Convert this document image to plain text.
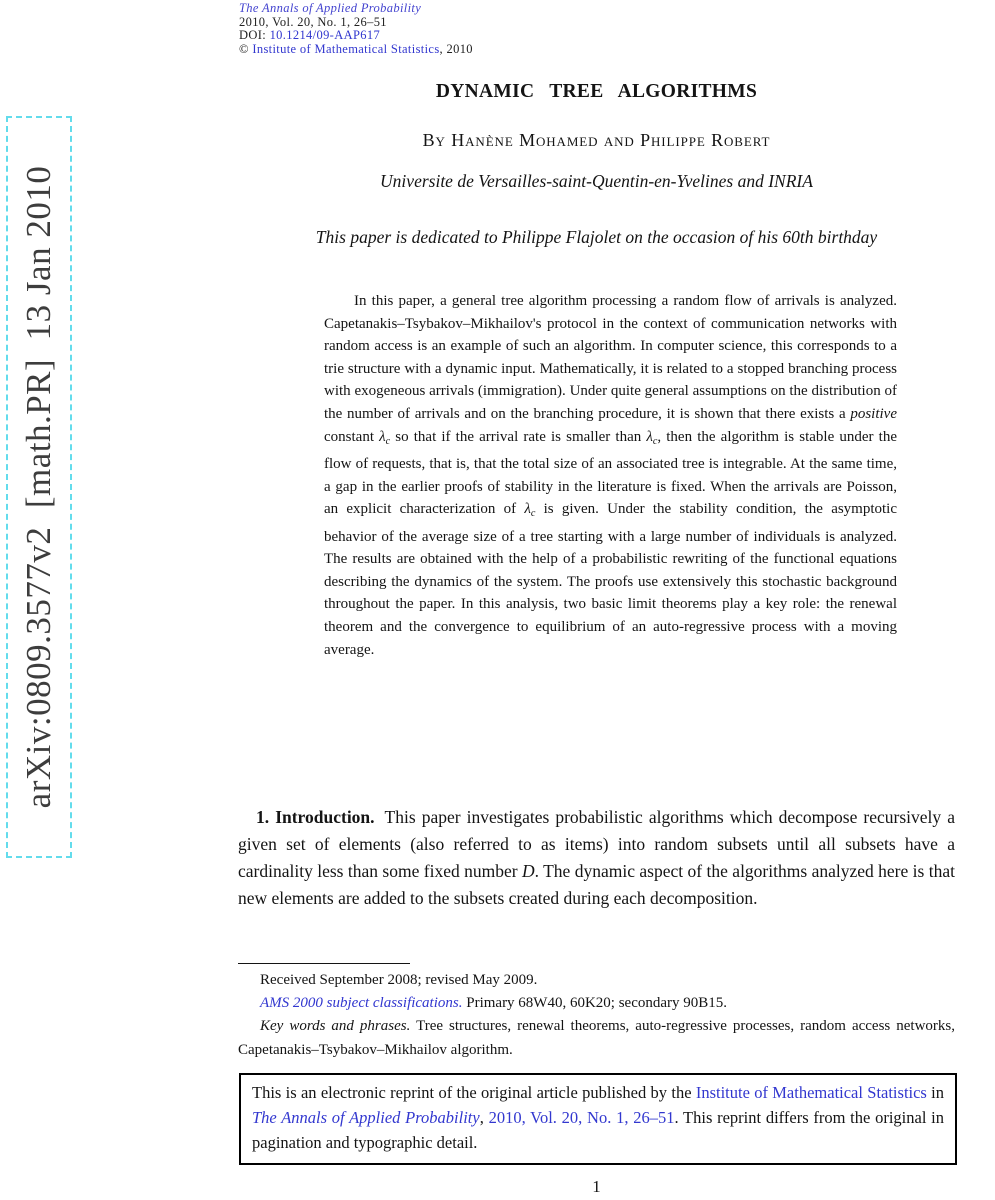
arXiv:0809.3577v2  [math.PR]  13 Jan 2010
The Annals of Applied Probability
2010, Vol. 20, No. 1, 26–51
DOI: 10.1214/09-AAP617
© Institute of Mathematical Statistics, 2010
DYNAMIC TREE ALGORITHMS
By Hanène Mohamed and Philippe Robert
Universite de Versailles-saint-Quentin-en-Yvelines and INRIA
This paper is dedicated to Philippe Flajolet on the occasion of his 60th birthday

In this paper, a general tree algorithm processing a random flow of arrivals is analyzed. Capetanakis–Tsybakov–Mikhailov's protocol in the context of communication networks with random access is an example of such an algorithm. In computer science, this corresponds to a trie structure with a dynamic input. Mathematically, it is related to a stopped branching process with exogeneous arrivals (immigration). Under quite general assumptions on the distribution of the number of arrivals and on the branching procedure, it is shown that there exists a positive constant $\lambda_c$ so that if the arrival rate is smaller than $\lambda_c$, then the algorithm is stable under the flow of requests, that is, that the total size of an associated tree is integrable. At the same time, a gap in the earlier proofs of stability in the literature is fixed. When the arrivals are Poisson, an explicit characterization of $\lambda_c$ is given. Under the stability condition, the asymptotic behavior of the average size of a tree starting with a large number of individuals is analyzed. The results are obtained with the help of a probabilistic rewriting of the functional equations describing the dynamics of the system. The proofs use extensively this stochastic background throughout the paper. In this analysis, two basic limit theorems play a key role: the renewal theorem and the convergence to equilibrium of an auto-regressive process with a moving average.

1. Introduction. This paper investigates probabilistic algorithms which decompose recursively a given set of elements (also referred to as items) into random subsets until all subsets have a cardinality less than some fixed number D. The dynamic aspect of the algorithms analyzed here is that new elements are added to the subsets created during each decomposition.

Received September 2008; revised May 2009.

AMS 2000 subject classifications. Primary 68W40, 60K20; secondary 90B15.

Key words and phrases. Tree structures, renewal theorems, auto-regressive processes, random access networks, Capetanakis–Tsybakov–Mikhailov algorithm.

This is an electronic reprint of the original article published by the Institute of Mathematical Statistics in The Annals of Applied Probability, 2010, Vol. 20, No. 1, 26–51. This reprint differs from the original in pagination and typographic detail.
1
